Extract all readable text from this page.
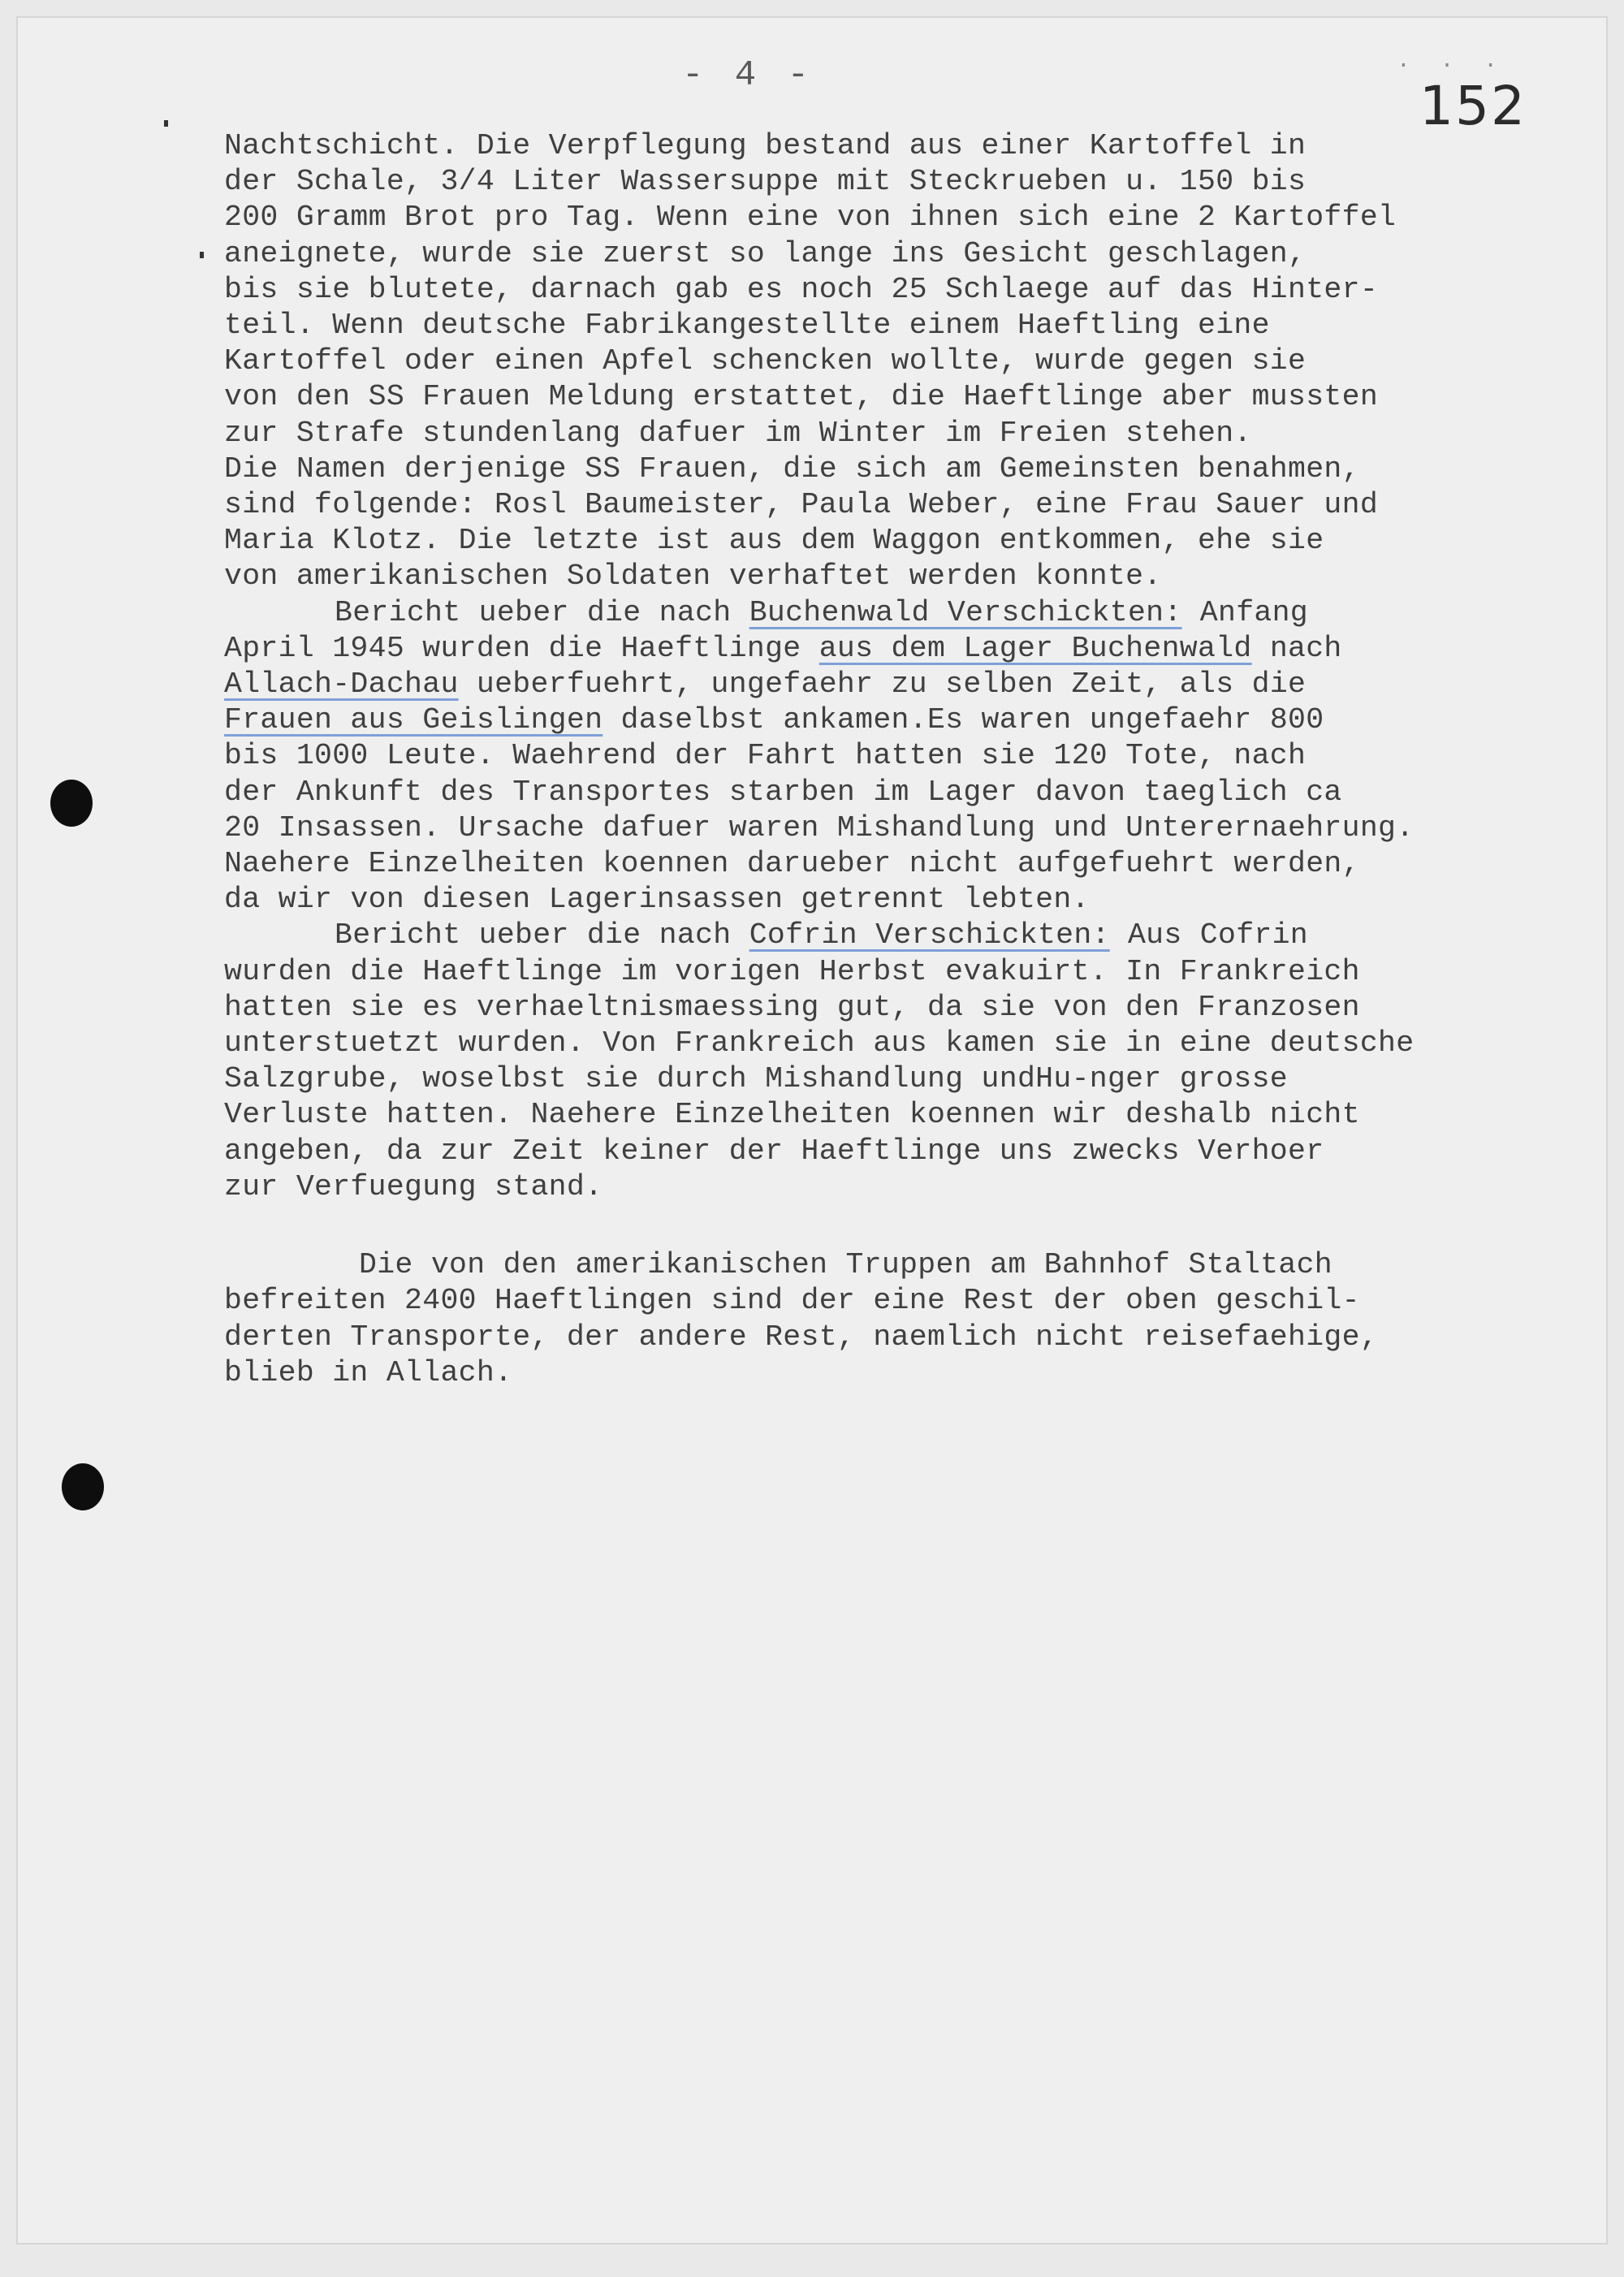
. . .
- 4 -	152
Nachtschicht. Die Verpflegung bestand aus einer Kartoffel in
der Schale, 3/4 Liter Wassersuppe mit Steckrueben u. 150 bis
200 Gramm Brot pro Tag. Wenn eine von ihnen sich eine 2 Kartoffel
aneignete, wurde sie zuerst so lange ins Gesicht geschlagen,
bis sie blutete, darnach gab es noch 25 Schlaege auf das Hinter-
teil. Wenn deutsche Fabrikangestellte einem Haeftling eine
Kartoffel oder einen Apfel schencken wollte, wurde gegen sie
von den SS Frauen Meldung erstattet, die Haeftlinge aber mussten
zur Strafe stundenlang dafuer im Winter im Freien stehen.
Die Namen derjenige SS Frauen, die sich am Gemeinsten benahmen,
sind folgende: Rosl Baumeister, Paula Weber, eine Frau Sauer und
Maria Klotz. Die letzte ist aus dem Waggon entkommen, ehe sie
von amerikanischen Soldaten verhaftet werden konnte.
Bericht ueber die nach Buchenwald Verschickten: Anfang
April 1945 wurden die Haeftlinge aus dem Lager Buchenwald nach
Allach-Dachau ueberfuehrt, ungefaehr zu selben Zeit, als die
Frauen aus Geislingen daselbst ankamen.Es waren ungefaehr 800
bis 1000 Leute. Waehrend der Fahrt hatten sie 120 Tote, nach
der Ankunft des Transportes starben im Lager davon taeglich ca
20 Insassen. Ursache dafuer waren Mishandlung und Unterernaehrung.
Naehere Einzelheiten koennen darueber nicht aufgefuehrt werden,
da wir von diesen Lagerinsassen getrennt lebten.
Bericht ueber die nach Cofrin Verschickten: Aus Cofrin
wurden die Haeftlinge im vorigen Herbst evakuirt. In Frankreich
hatten sie es verhaeltnismaessing gut, da sie von den Franzosen
unterstuetzt wurden. Von Frankreich aus kamen sie in eine deutsche
Salzgrube, woselbst sie durch Mishandlung undHu-nger grosse
Verluste hatten. Naehere Einzelheiten koennen wir deshalb nicht
angeben, da zur Zeit keiner der Haeftlinge uns zwecks Verhoer
zur Verfuegung stand.
Die von den amerikanischen Truppen am Bahnhof Staltach
befreiten 2400 Haeftlingen sind der eine Rest der oben geschil-
derten Transporte, der andere Rest, naemlich nicht reisefaehige,
blieb in Allach.
